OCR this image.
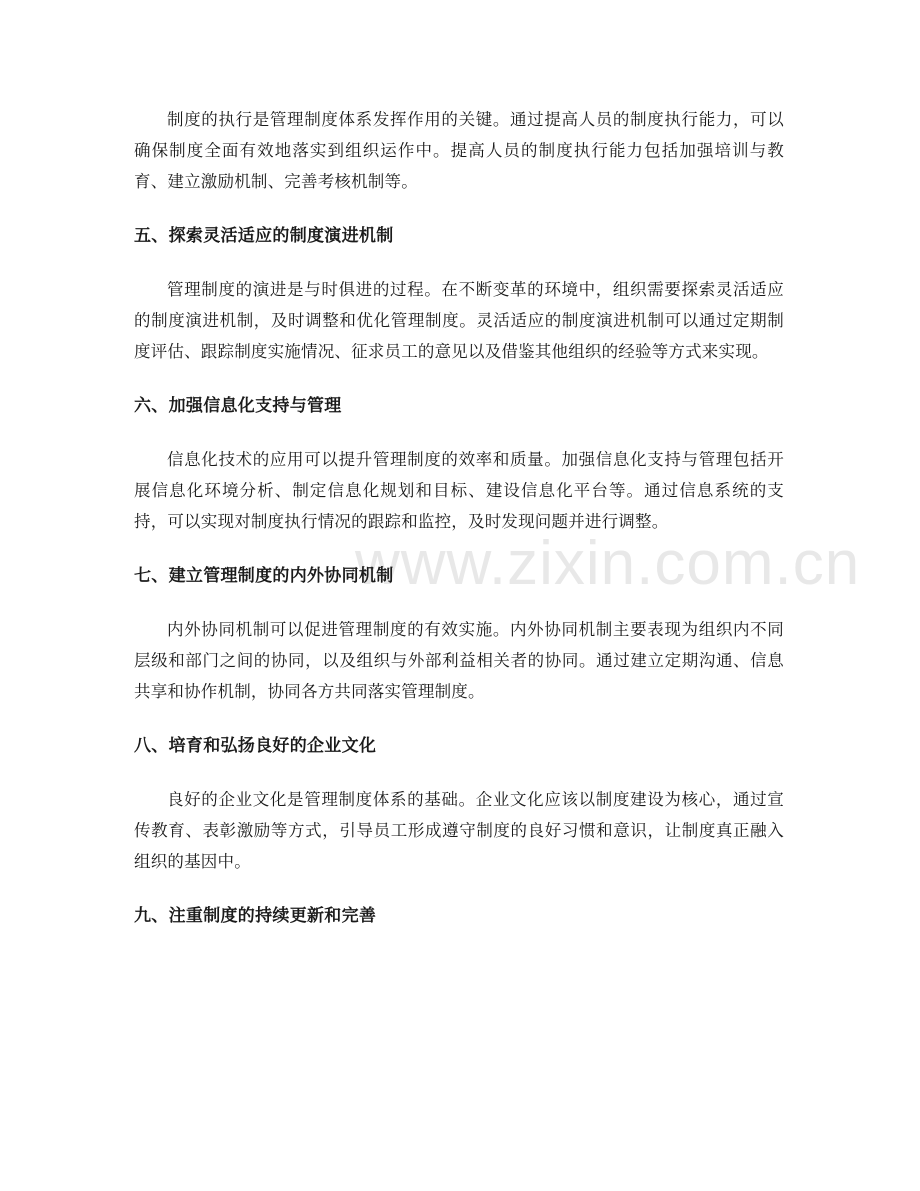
www.zixin.com.cn

制度的执行是管理制度体系发挥作用的关键。通过提高人员的制度执行能力，可以确保制度全面有效地落实到组织运作中。提高人员的制度执行能力包括加强培训与教育、建立激励机制、完善考核机制等。

五、探索灵活适应的制度演进机制

管理制度的演进是与时俱进的过程。在不断变革的环境中，组织需要探索灵活适应的制度演进机制，及时调整和优化管理制度。灵活适应的制度演进机制可以通过定期制度评估、跟踪制度实施情况、征求员工的意见以及借鉴其他组织的经验等方式来实现。

六、加强信息化支持与管理

信息化技术的应用可以提升管理制度的效率和质量。加强信息化支持与管理包括开展信息化环境分析、制定信息化规划和目标、建设信息化平台等。通过信息系统的支持，可以实现对制度执行情况的跟踪和监控，及时发现问题并进行调整。

七、建立管理制度的内外协同机制

内外协同机制可以促进管理制度的有效实施。内外协同机制主要表现为组织内不同层级和部门之间的协同，以及组织与外部利益相关者的协同。通过建立定期沟通、信息共享和协作机制，协同各方共同落实管理制度。

八、培育和弘扬良好的企业文化

良好的企业文化是管理制度体系的基础。企业文化应该以制度建设为核心，通过宣传教育、表彰激励等方式，引导员工形成遵守制度的良好习惯和意识，让制度真正融入组织的基因中。

九、注重制度的持续更新和完善
